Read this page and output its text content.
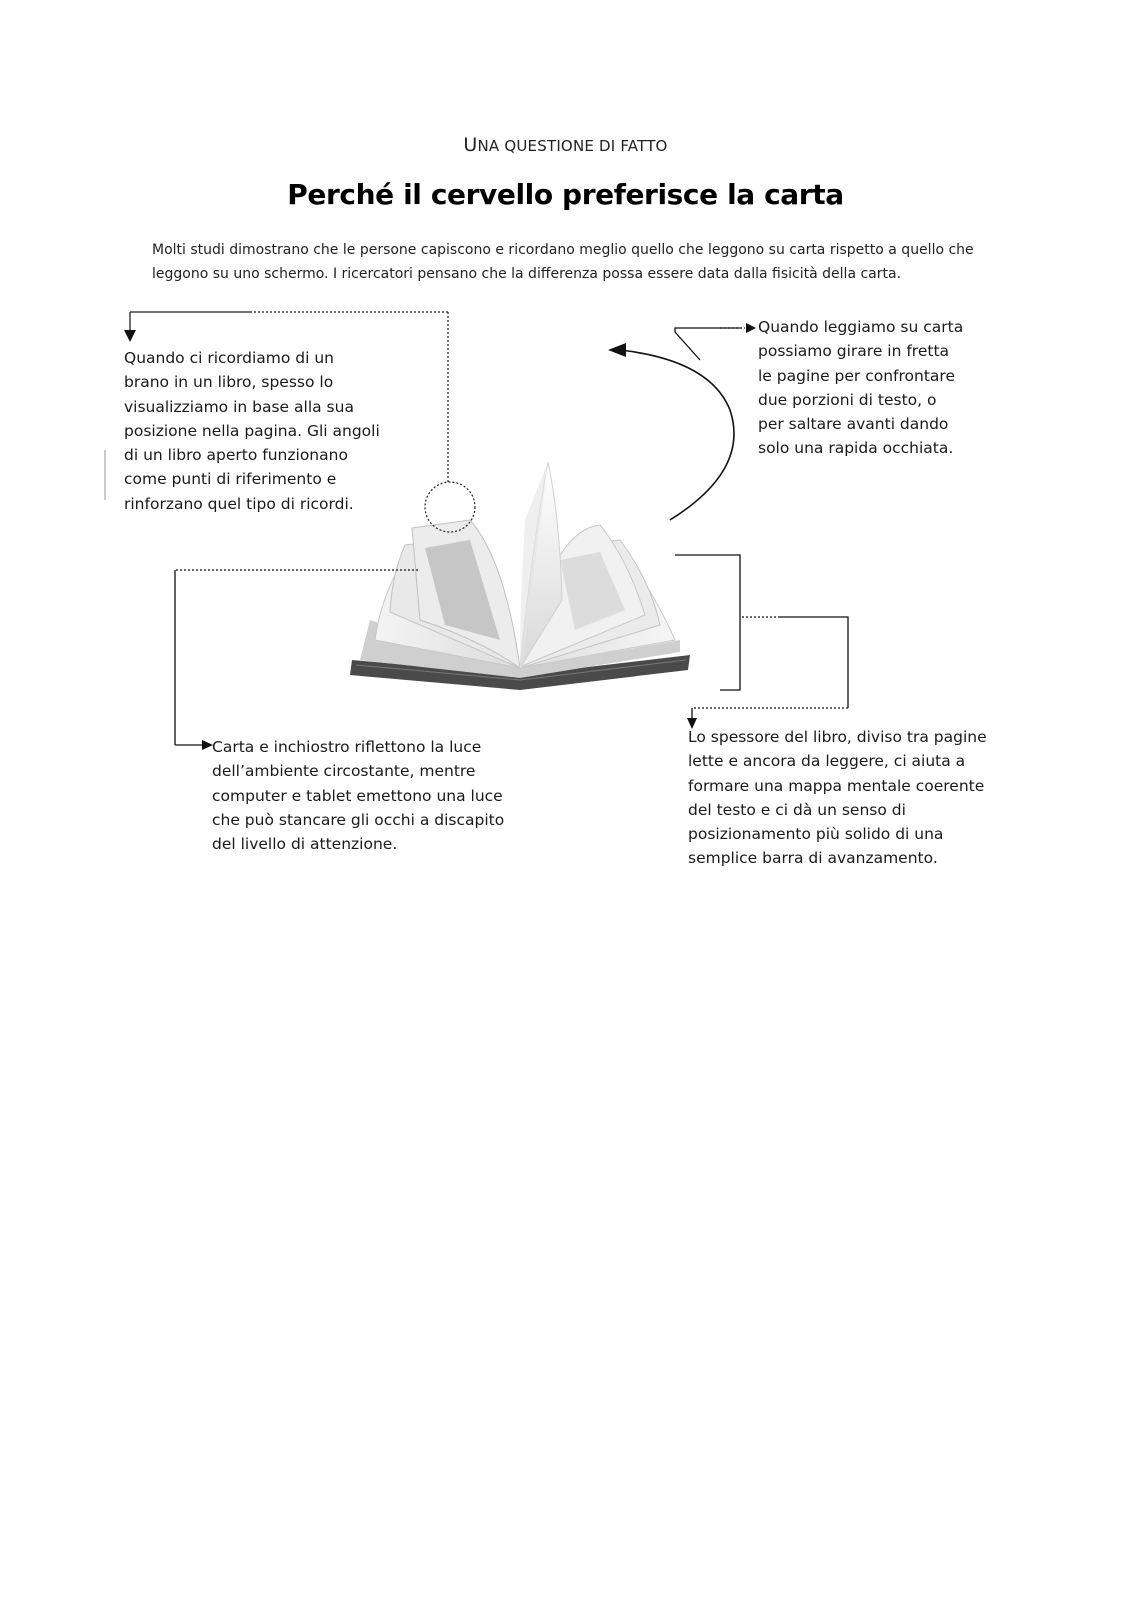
UNA QUESTIONE DI FATTO
Perché il cervello preferisce la carta
Molti studi dimostrano che le persone capiscono e ricordano meglio quello che leggono su carta rispetto a quello che leggono su uno schermo. I ricercatori pensano che la differenza possa essere data dalla fisicità della carta.
Quando ci ricordiamo di un
brano in un libro, spesso lo
visualizziamo in base alla sua
posizione nella pagina. Gli angoli
di un libro aperto funzionano
come punti di riferimento e
rinforzano quel tipo di ricordi.
Quando leggiamo su carta
possiamo girare in fretta
le pagine per confrontare
due porzioni di testo, o
per saltare avanti dando
solo una rapida occhiata.
Carta e inchiostro riflettono la luce
dell’ambiente circostante, mentre
computer e tablet emettono una luce
che può stancare gli occhi a discapito
del livello di attenzione.
Lo spessore del libro, diviso tra pagine
lette e ancora da leggere, ci aiuta a
formare una mappa mentale coerente
del testo e ci dà un senso di
posizionamento più solido di una
semplice barra di avanzamento.
